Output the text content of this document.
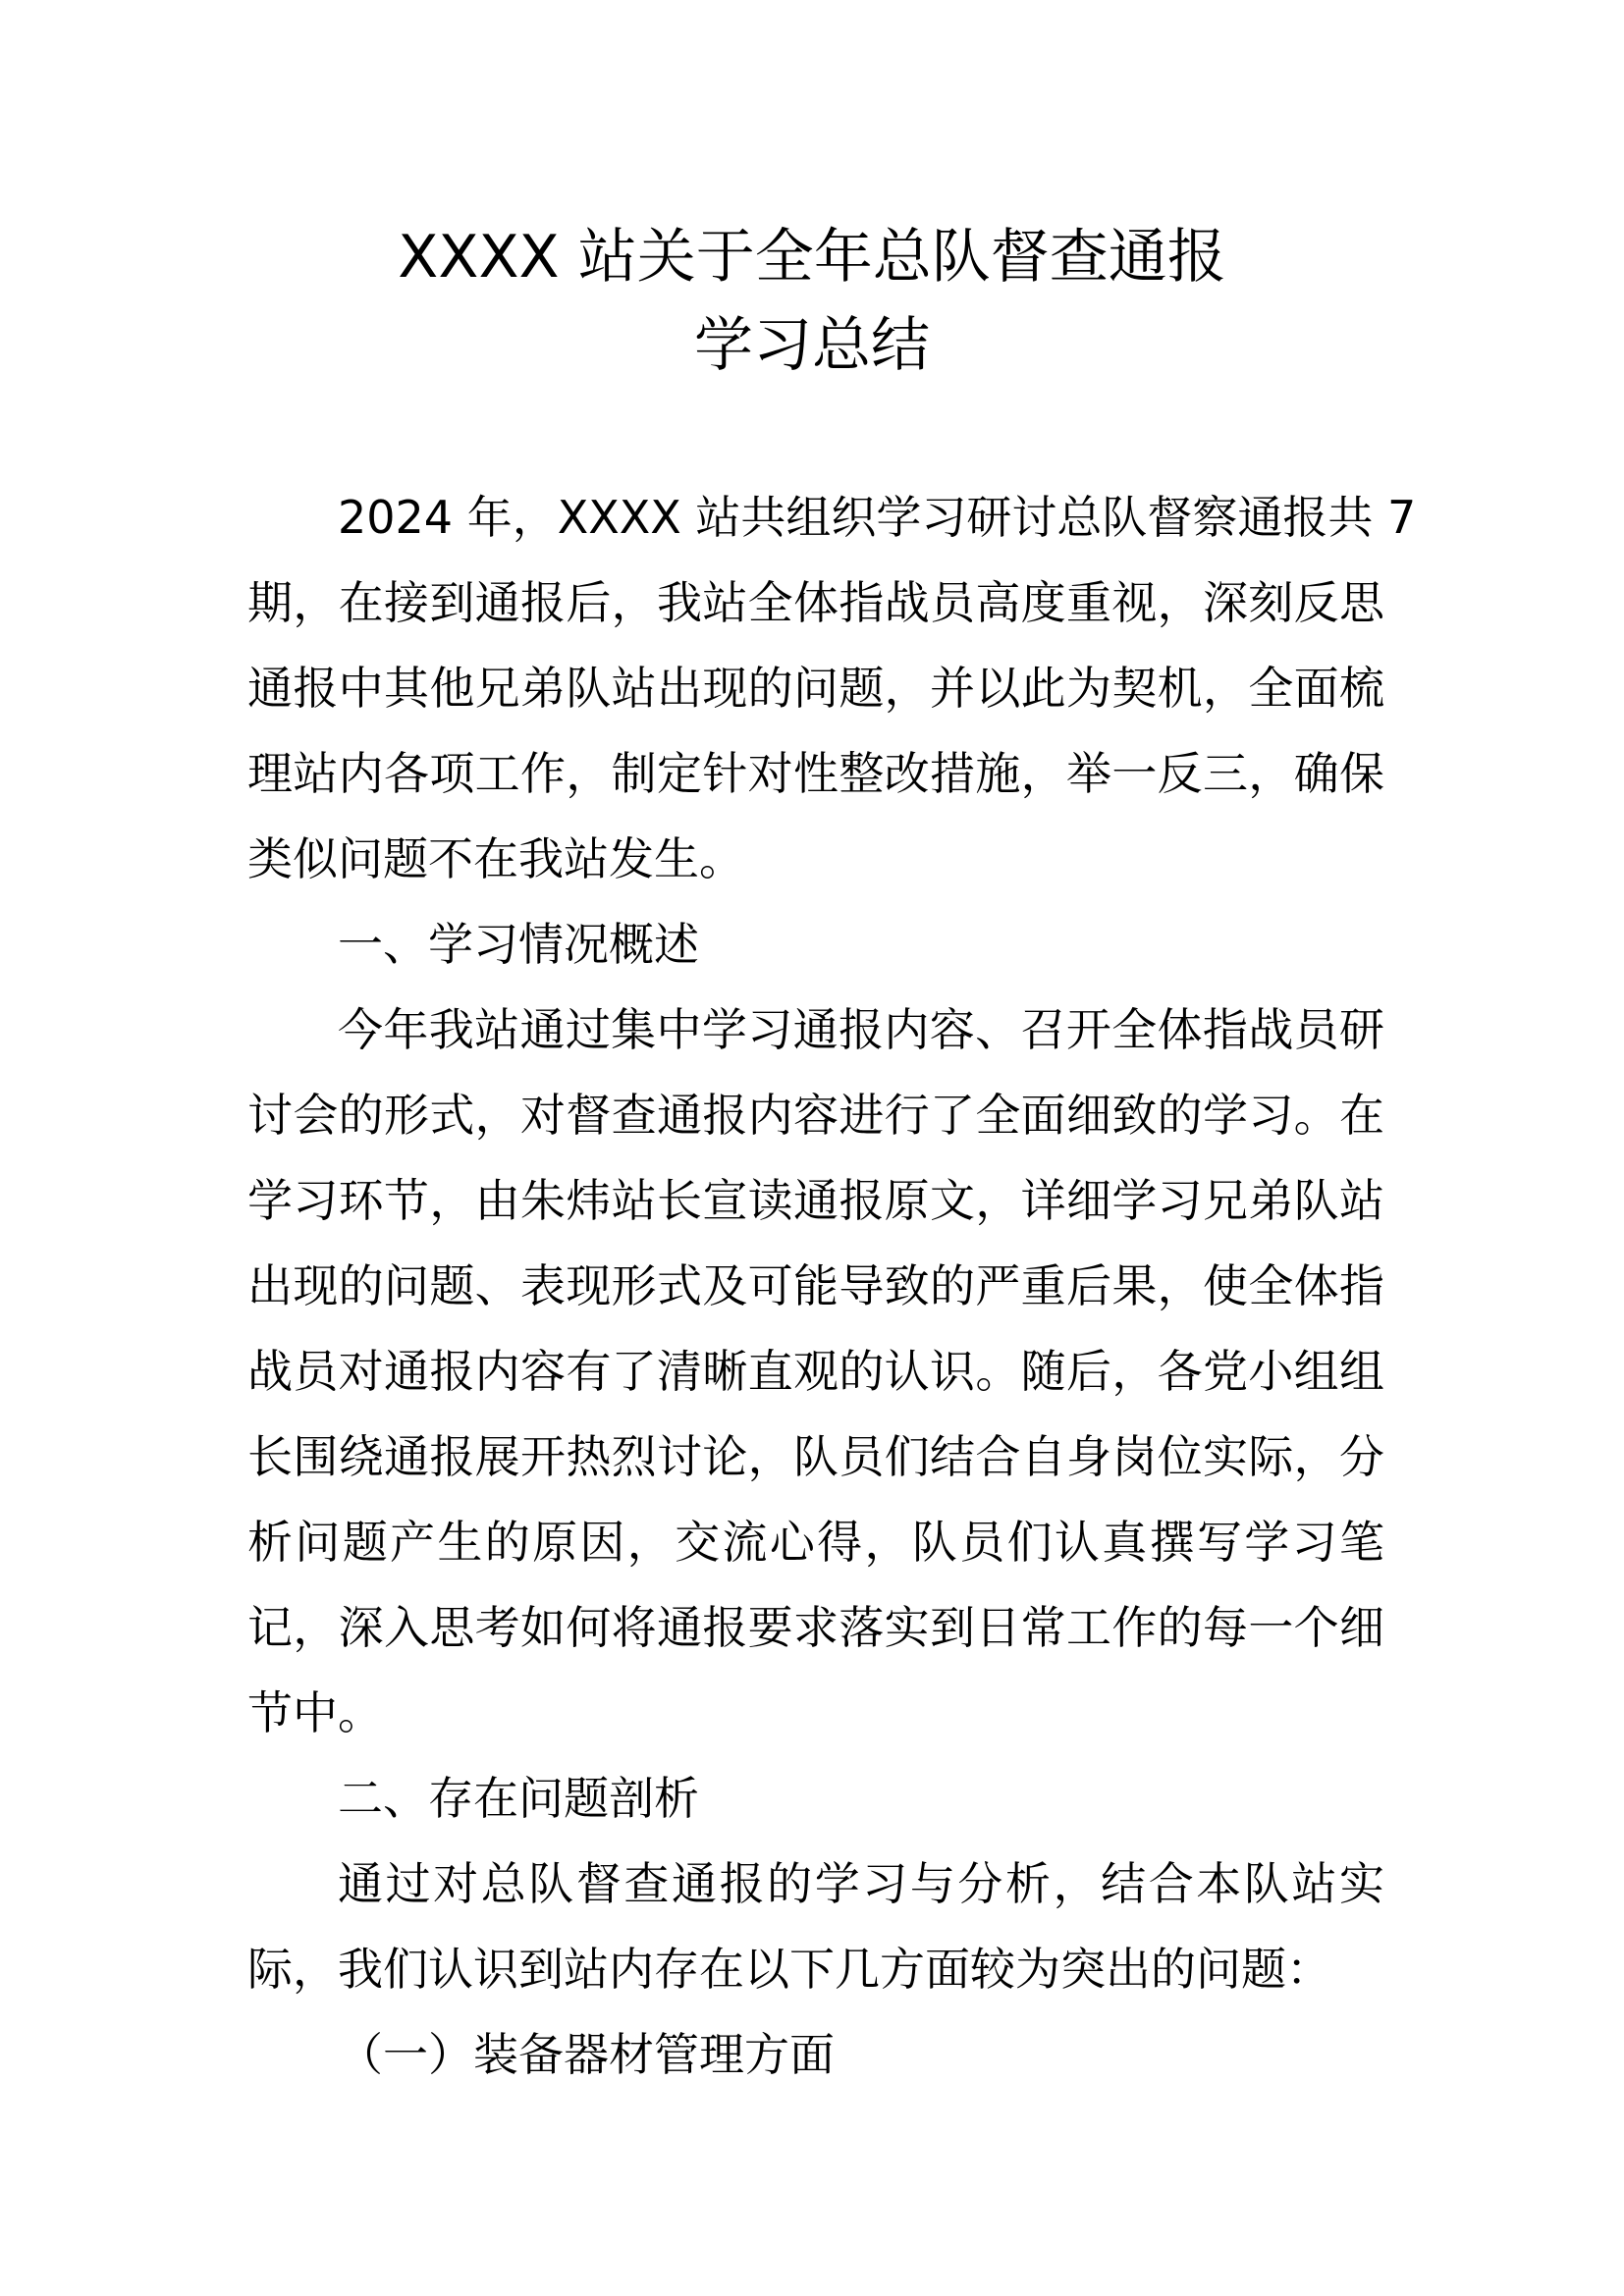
XXXX 站关于全年总队督查通报
学习总结
2024 年，XXXX 站共组织学习研讨总队督察通报共 7
期，在接到通报后，我站全体指战员高度重视，深刻反思
通报中其他兄弟队站出现的问题，并以此为契机，全面梳
理站内各项工作，制定针对性整改措施，举一反三，确保
类似问题不在我站发生。
一、学习情况概述
今年我站通过集中学习通报内容、召开全体指战员研
讨会的形式，对督查通报内容进行了全面细致的学习。在
学习环节，由朱炜站长宣读通报原文，详细学习兄弟队站
出现的问题、表现形式及可能导致的严重后果，使全体指
战员对通报内容有了清晰直观的认识。随后，各党小组组
长围绕通报展开热烈讨论，队员们结合自身岗位实际，分
析问题产生的原因，交流心得，队员们认真撰写学习笔
记，深入思考如何将通报要求落实到日常工作的每一个细
节中。
二、存在问题剖析
通过对总队督查通报的学习与分析，结合本队站实
际，我们认识到站内存在以下几方面较为突出的问题：
（一）装备器材管理方面
